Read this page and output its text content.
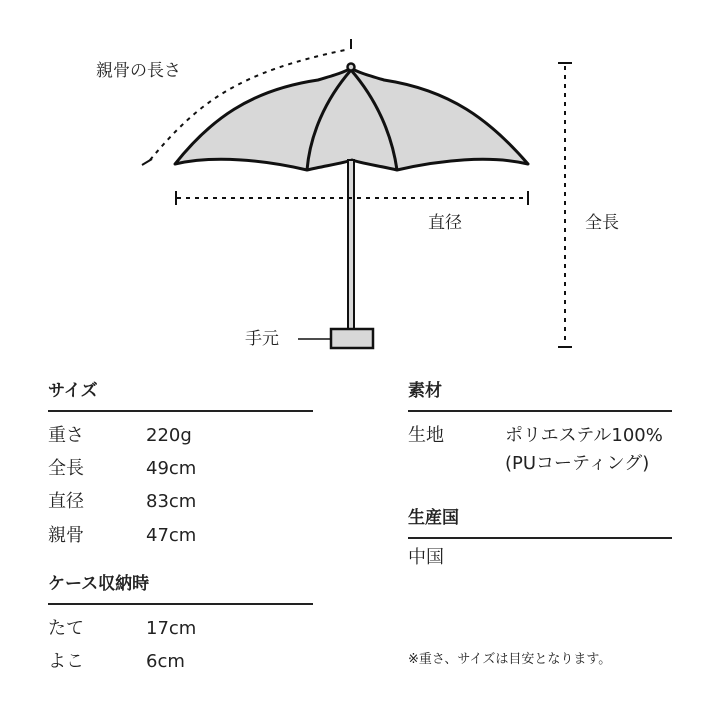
親骨の長さ
直径	全長
手元
サイズ
重さ	220g
全長	49cm
直径	83cm
親骨	47cm
ケース収納時
たて	17cm
よこ	6cm
素材
生地	ポリエステル100%
(PUコーティング)
生産国
中国
※重さ、サイズは目安となります。
